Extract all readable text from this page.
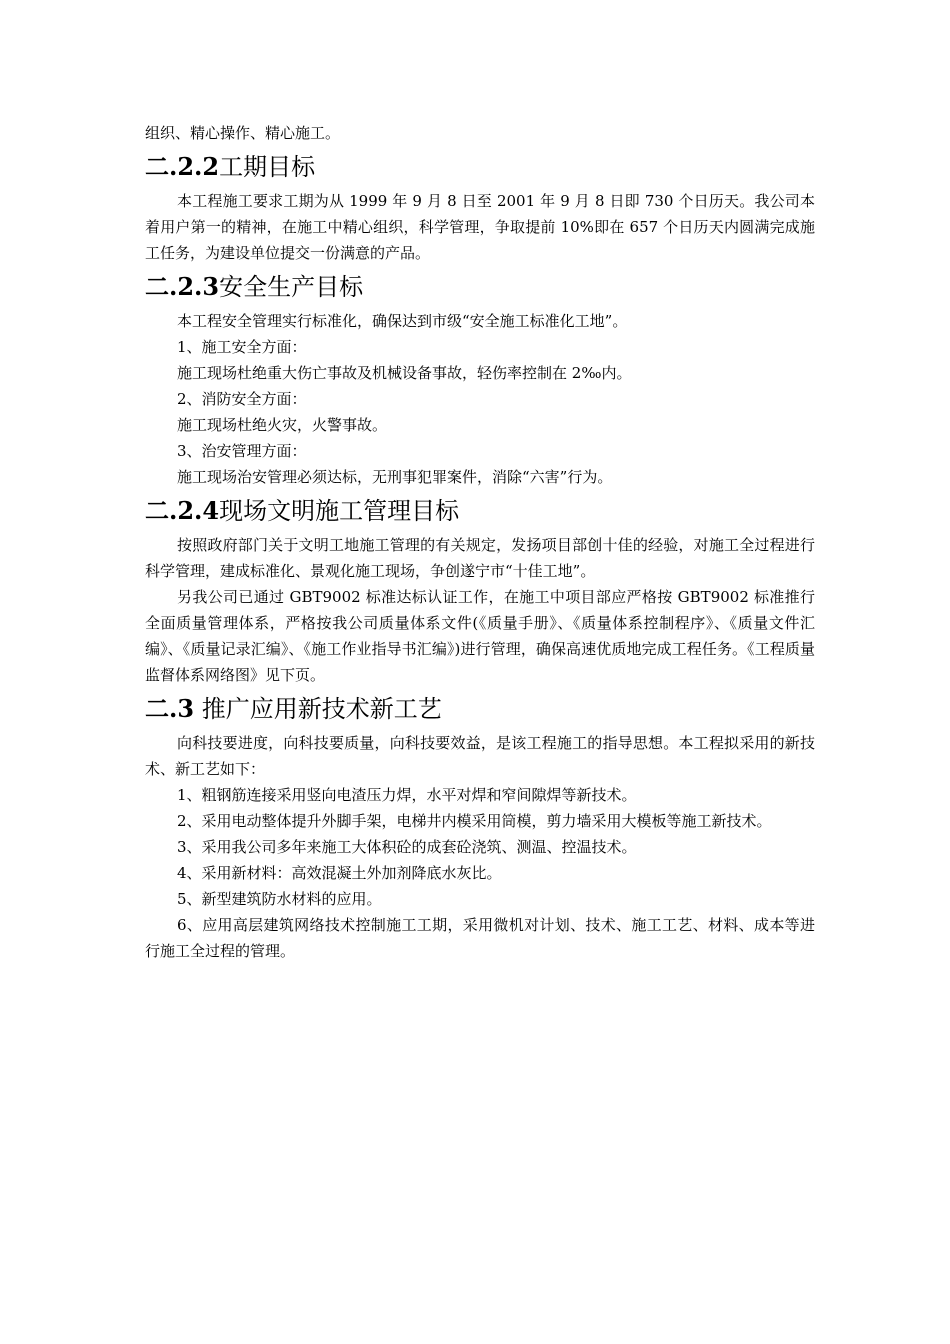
组织、精心操作、精心施工。

二.2.2工期目标

本工程施工要求工期为从 1999 年 9 月 8 日至 2001 年 9 月 8 日即 730 个日历天。我公司本着用户第一的精神，在施工中精心组织，科学管理，争取提前 10%即在 657 个日历天内圆满完成施工任务，为建设单位提交一份满意的产品。

二.2.3安全生产目标

本工程安全管理实行标准化，确保达到市级“安全施工标准化工地”。

1、施工安全方面：

施工现场杜绝重大伤亡事故及机械设备事故，轻伤率控制在 2‰内。

2、消防安全方面：

施工现场杜绝火灾，火警事故。

3、治安管理方面：

施工现场治安管理必须达标，无刑事犯罪案件，消除“六害”行为。

二.2.4现场文明施工管理目标

按照政府部门关于文明工地施工管理的有关规定，发扬项目部创十佳的经验，对施工全过程进行科学管理，建成标准化、景观化施工现场，争创遂宁市“十佳工地”。

另我公司已通过 GBT9002 标准达标认证工作，在施工中项目部应严格按 GBT9002 标准推行全面质量管理体系，严格按我公司质量体系文件(《质量手册》、《质量体系控制程序》、《质量文件汇编》、《质量记录汇编》、《施工作业指导书汇编》)进行管理，确保高速优质地完成工程任务。《工程质量监督体系网络图》见下页。

二.3 推广应用新技术新工艺

向科技要进度，向科技要质量，向科技要效益，是该工程施工的指导思想。本工程拟采用的新技术、新工艺如下：

1、粗钢筋连接采用竖向电渣压力焊，水平对焊和窄间隙焊等新技术。

2、采用电动整体提升外脚手架，电梯井内模采用筒模，剪力墙采用大模板等施工新技术。

3、采用我公司多年来施工大体积砼的成套砼浇筑、测温、控温技术。

4、采用新材料：高效混凝土外加剂降底水灰比。

5、新型建筑防水材料的应用。

6、应用高层建筑网络技术控制施工工期，采用微机对计划、技术、施工工艺、材料、成本等进行施工全过程的管理。
